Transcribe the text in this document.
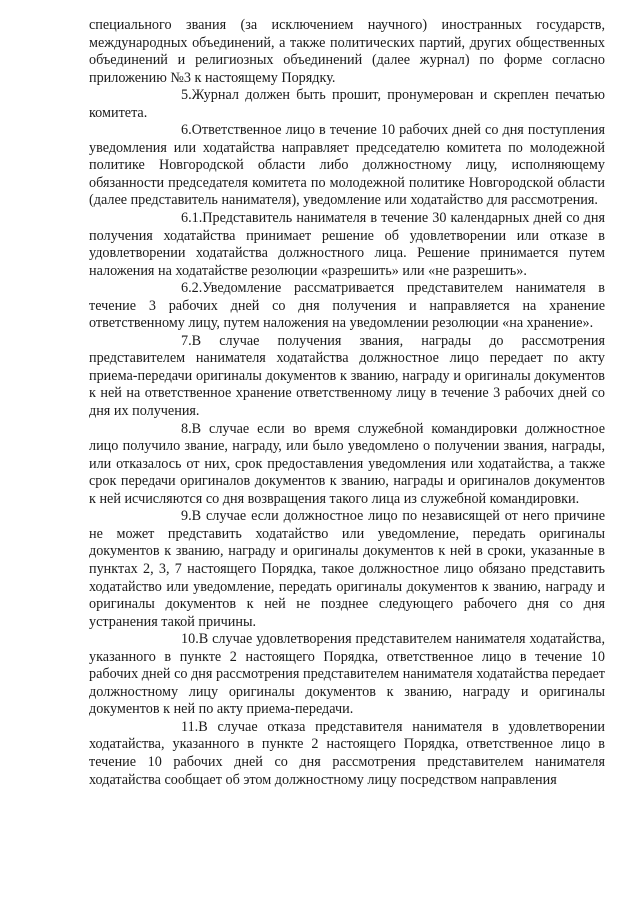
специального звания (за исключением научного) иностранных государств, международных объединений, а также политических партий, других общественных объединений и религиозных объединений (далее журнал) по форме согласно приложению №3 к настоящему Порядку.

5.Журнал должен быть прошит, пронумерован и скреплен печатью комитета.

6.Ответственное лицо в течение 10 рабочих дней со дня поступления уведомления или ходатайства направляет председателю комитета по молодежной политике Новгородской области либо должностному лицу, исполняющему обязанности председателя комитета по молодежной политике Новгородской области (далее представитель нанимателя), уведомление или ходатайство для рассмотрения.

6.1.Представитель нанимателя в течение 30 календарных дней со дня получения ходатайства принимает решение об удовлетворении или отказе в удовлетворении ходатайства должностного лица. Решение принимается путем наложения на ходатайстве резолюции «разрешить» или «не разрешить».

6.2.Уведомление рассматривается представителем нанимателя в течение 3 рабочих дней со дня получения и направляется на хранение ответственному лицу, путем наложения на уведомлении резолюции «на хранение».

7.В случае получения звания, награды до рассмотрения представителем нанимателя ходатайства должностное лицо передает по акту приема-передачи оригиналы документов к званию, награду и оригиналы документов к ней на ответственное хранение ответственному лицу в течение 3 рабочих дней со дня их получения.

8.В случае если во время служебной командировки должностное лицо получило звание, награду, или было уведомлено о получении звания, награды, или отказалось от них, срок предоставления уведомления или ходатайства, а также срок передачи оригиналов документов к званию, награды и оригиналов документов к ней исчисляются со дня возвращения такого лица из служебной командировки.

9.В случае если должностное лицо по независящей от него причине не может представить ходатайство или уведомление, передать оригиналы документов к званию, награду и оригиналы документов к ней в сроки, указанные в пунктах 2, 3, 7 настоящего Порядка, такое должностное лицо обязано представить ходатайство или уведомление, передать оригиналы документов к званию, награду и оригиналы документов к ней не позднее следующего рабочего дня со дня устранения такой причины.

10.В случае удовлетворения представителем нанимателя ходатайства, указанного в пункте 2 настоящего Порядка, ответственное лицо в течение 10 рабочих дней со дня рассмотрения представителем нанимателя ходатайства передает должностному лицу оригиналы документов к званию, награду и оригиналы документов к ней по акту приема-передачи.

11.В случае отказа представителя нанимателя в удовлетворении ходатайства, указанного в пункте 2 настоящего Порядка, ответственное лицо в течение 10 рабочих дней со дня рассмотрения представителем нанимателя ходатайства сообщает об этом должностному лицу посредством направления
